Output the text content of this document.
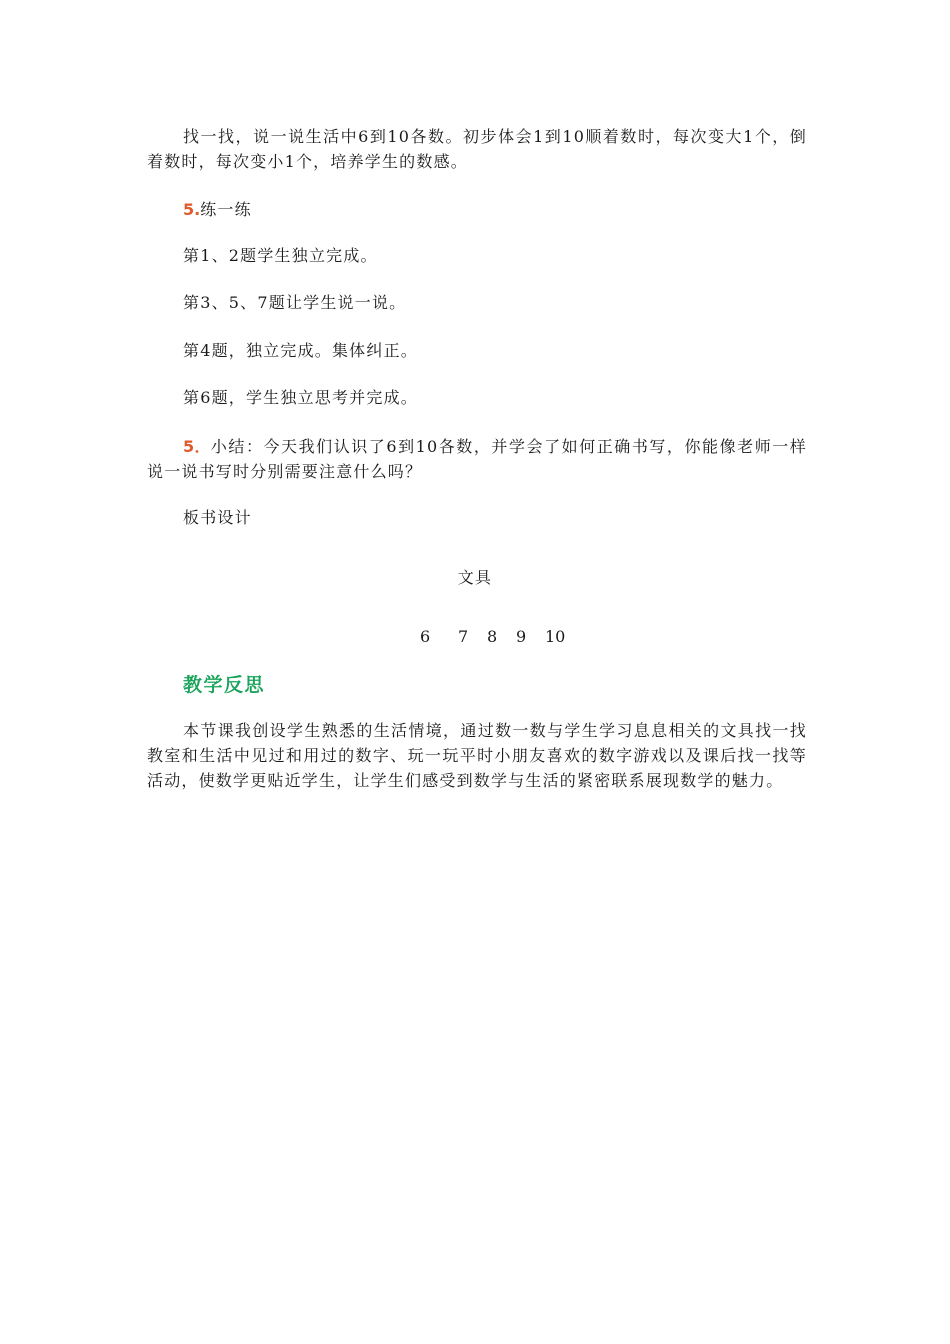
找一找，说一说生活中6到10各数。初步体会1到10顺着数时，每次变大1个，倒着数时，每次变小1个，培养学生的数感。

5.练一练

第1、2题学生独立完成。

第3、5、7题让学生说一说。

第4题，独立完成。集体纠正。

第6题，学生独立思考并完成。

5．小结：今天我们认识了6到10各数，并学会了如何正确书写，你能像老师一样说一说书写时分别需要注意什么吗？

板书设计

文具

6	7	8	9	10

教学反思

本节课我创设学生熟悉的生活情境，通过数一数与学生学习息息相关的文具找一找教室和生活中见过和用过的数字、玩一玩平时小朋友喜欢的数字游戏以及课后找一找等活动，使数学更贴近学生，让学生们感受到数学与生活的紧密联系展现数学的魅力。
